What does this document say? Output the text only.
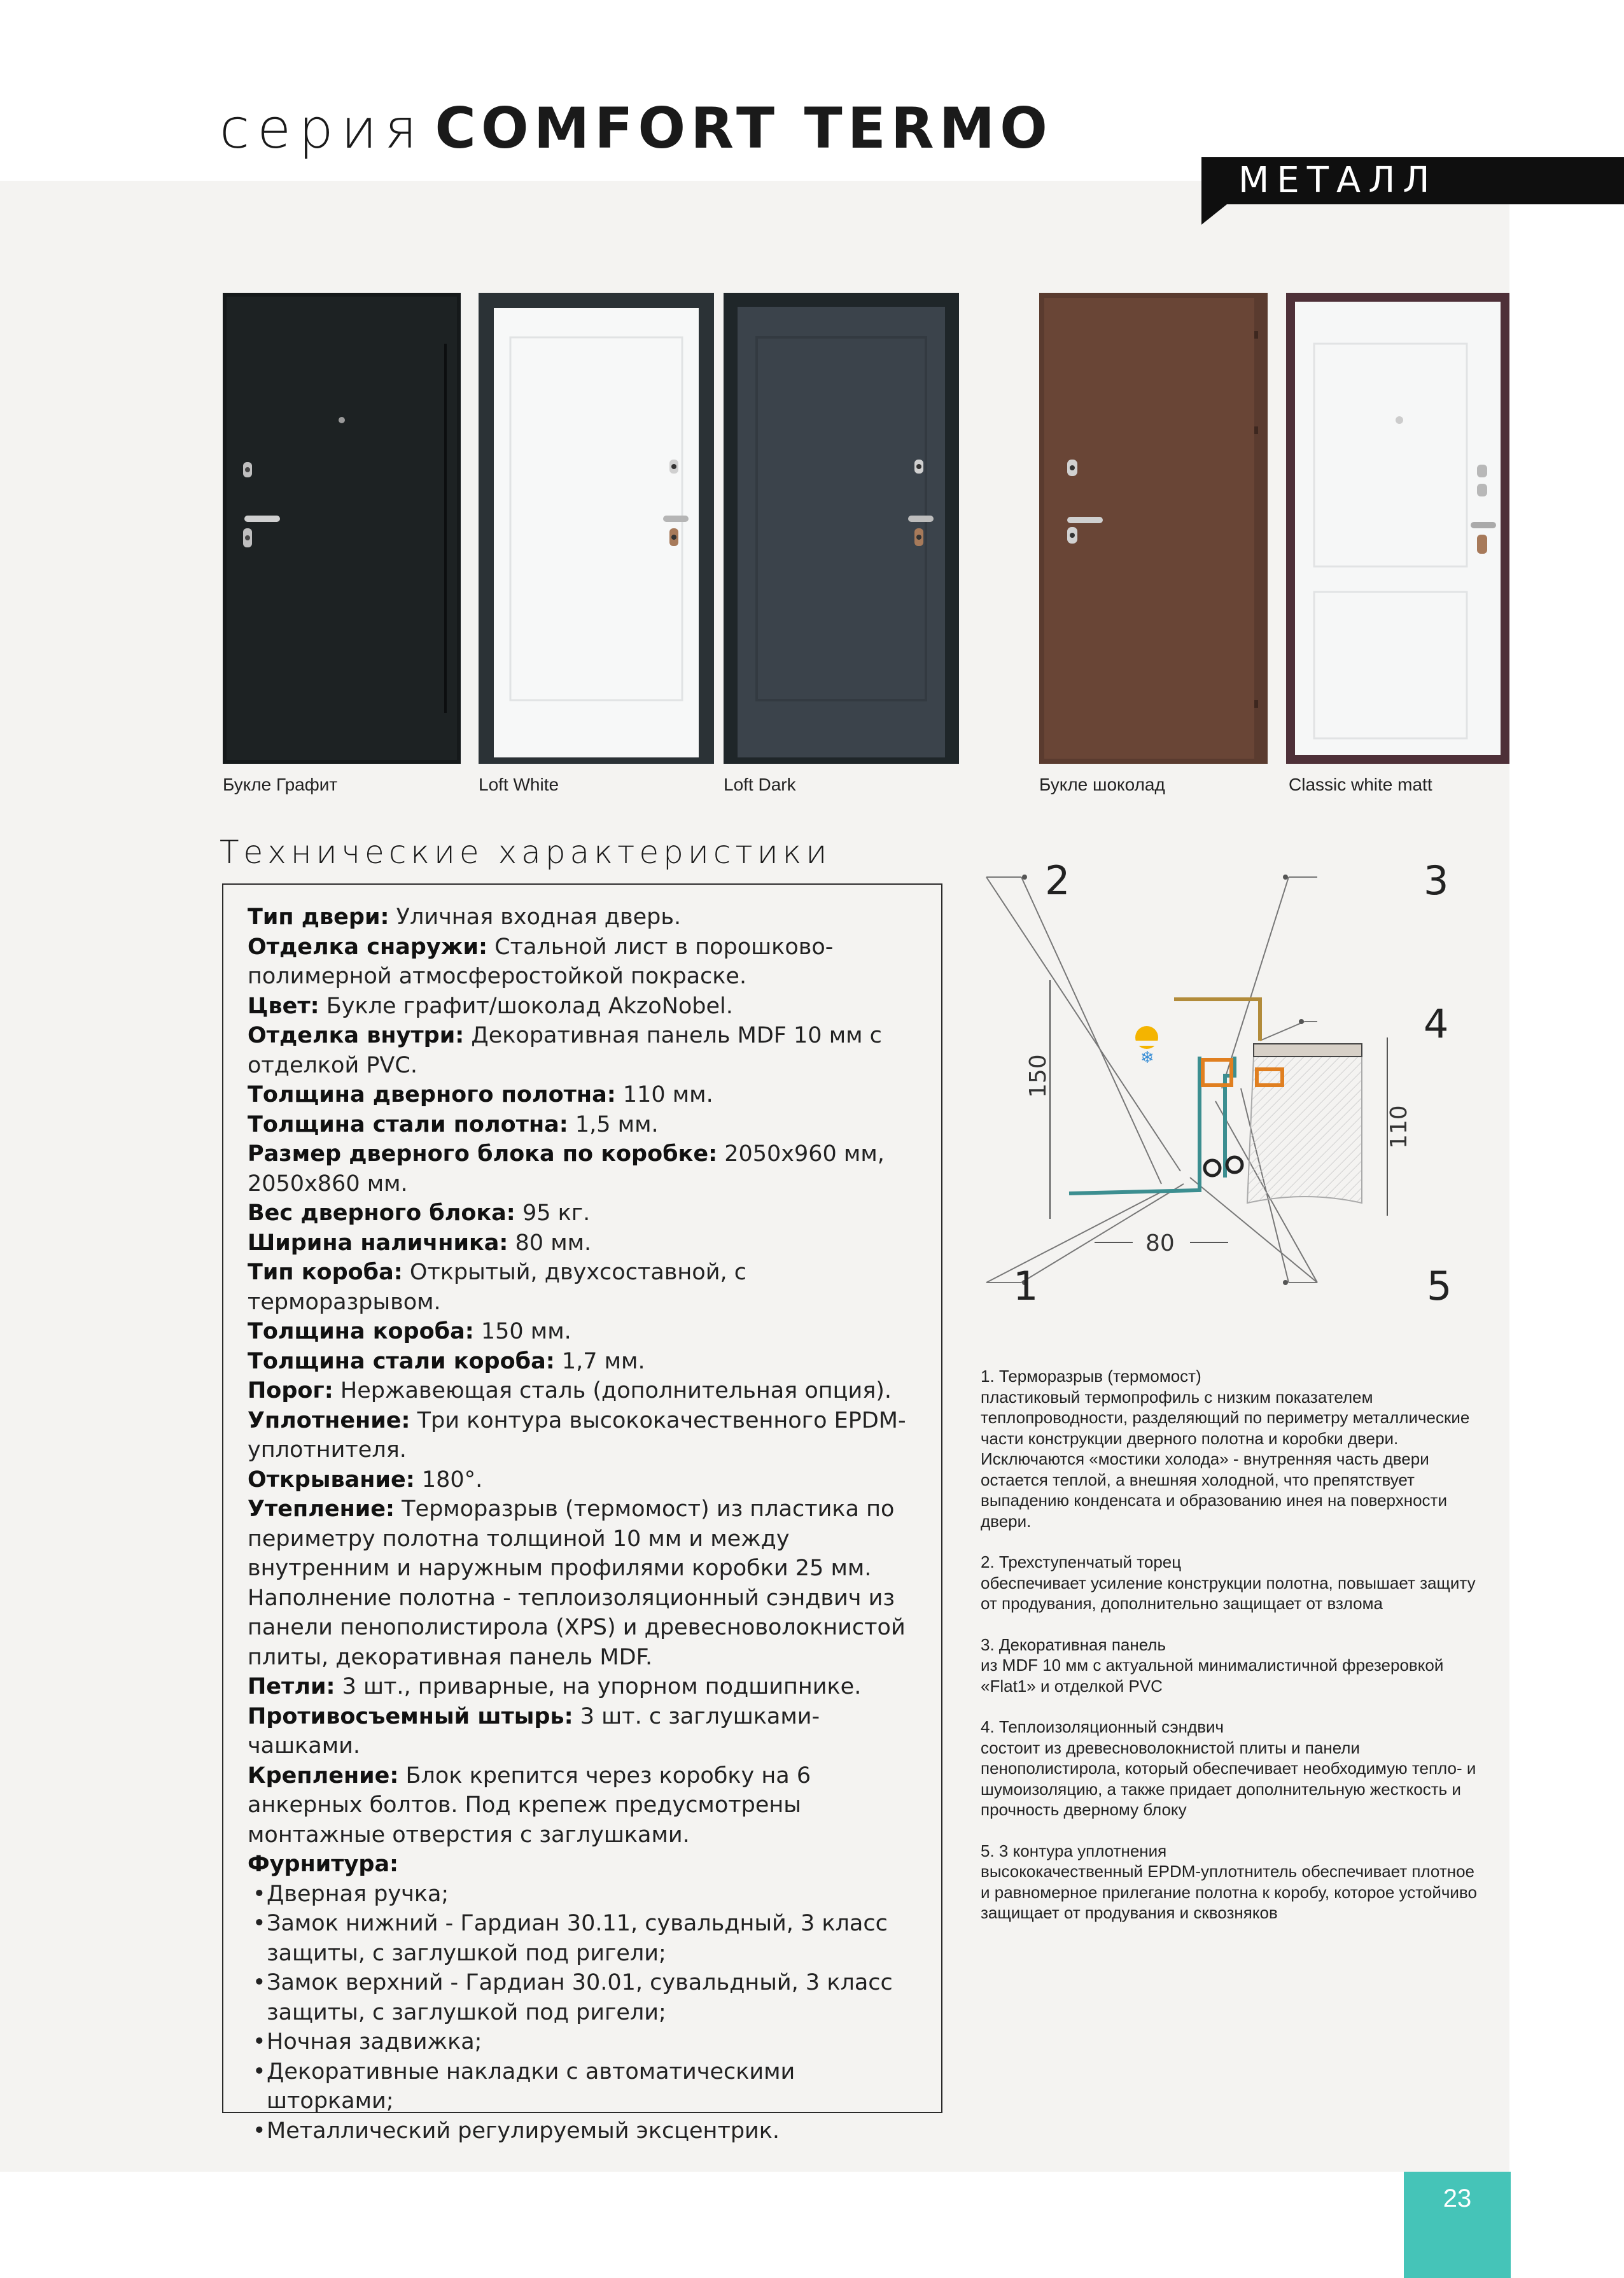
серия COMFORT TERMO
МЕТАЛЛ
Букле Графит	Loft White	Loft Dark	Букле шоколад	Classic white matt
Технические характеристики

Тип двери: Уличная входная дверь.

Отделка снаружи: Стальной лист в порошково-полимерной атмосферостойкой покраске.

Цвет: Букле графит/шоколад AkzoNobel.

Отделка внутри: Декоративная панель MDF 10 мм с отделкой PVC.

Толщина дверного полотна: 110 мм.

Толщина стали полотна: 1,5 мм.

Размер дверного блока по коробке: 2050х960 мм, 2050х860 мм.

Вес дверного блока: 95 кг.

Ширина наличника: 80 мм.

Тип короба: Открытый, двухсоставной, с терморазрывом.

Толщина короба: 150 мм.

Толщина стали короба: 1,7 мм.

Порог: Нержавеющая сталь (дополнительная опция).

Уплотнение: Три контура высококачественного EPDM-уплотнителя.

Открывание: 180°.

Утепление: Терморазрыв (термомост) из пластика по периметру полотна толщиной 10 мм и между внутренним и наружным профилями коробки 25 мм. Наполнение полотна - теплоизоляционный сэндвич из панели пенополистирола (XPS) и древесноволокнистой плиты, декоративная панель MDF.

Петли: 3 шт., приварные, на упорном подшипнике.

Противосъемный штырь: 3 шт. с заглушками-чашками.

Крепление: Блок крепится через коробку на 6 анкерных болтов. Под крепеж предусмотрены монтажные отверстия с заглушками.

Фурнитура:

• Дверная ручка;
• Замок нижний - Гардиан 30.11, сувальдный, 3 класс защиты, с заглушкой под ригели;
• Замок верхний - Гардиан 30.01, сувальдный, 3 класс защиты, с заглушкой под ригели;
• Ночная задвижка;
• Декоративные накладки с автоматическими шторками;
• Металлический регулируемый эксцентрик.
2	3
4
1	5
❄
150
110
80
1. Терморазрыв (термомост)
пластиковый термопрофиль с низким показателем теплопроводности, разделяющий по периметру металлические части конструкции дверного полотна и коробки двери. Исключаются «мостики холода» - внутренняя часть двери остается теплой, а внешняя холодной, что препятствует выпадению конденсата и образованию инея на поверхности двери.
2. Трехступенчатый торец
обеспечивает усиление конструкции полотна, повышает защиту от продувания, дополнительно защищает от взлома
3. Декоративная панель
из MDF 10 мм с актуальной минималистичной фрезеровкой «Flat1» и отделкой PVC
4. Теплоизоляционный сэндвич
состоит из древесноволокнистой плиты и панели пенополистирола, который обеспечивает необходимую тепло- и шумоизоляцию, а также придает дополнительную жесткость и прочность дверному блоку
5. 3 контура уплотнения
высококачественный EPDM-уплотнитель обеспечивает плотное и равномерное прилегание полотна к коробу, которое устойчиво защищает от продувания и сквозняков
23
